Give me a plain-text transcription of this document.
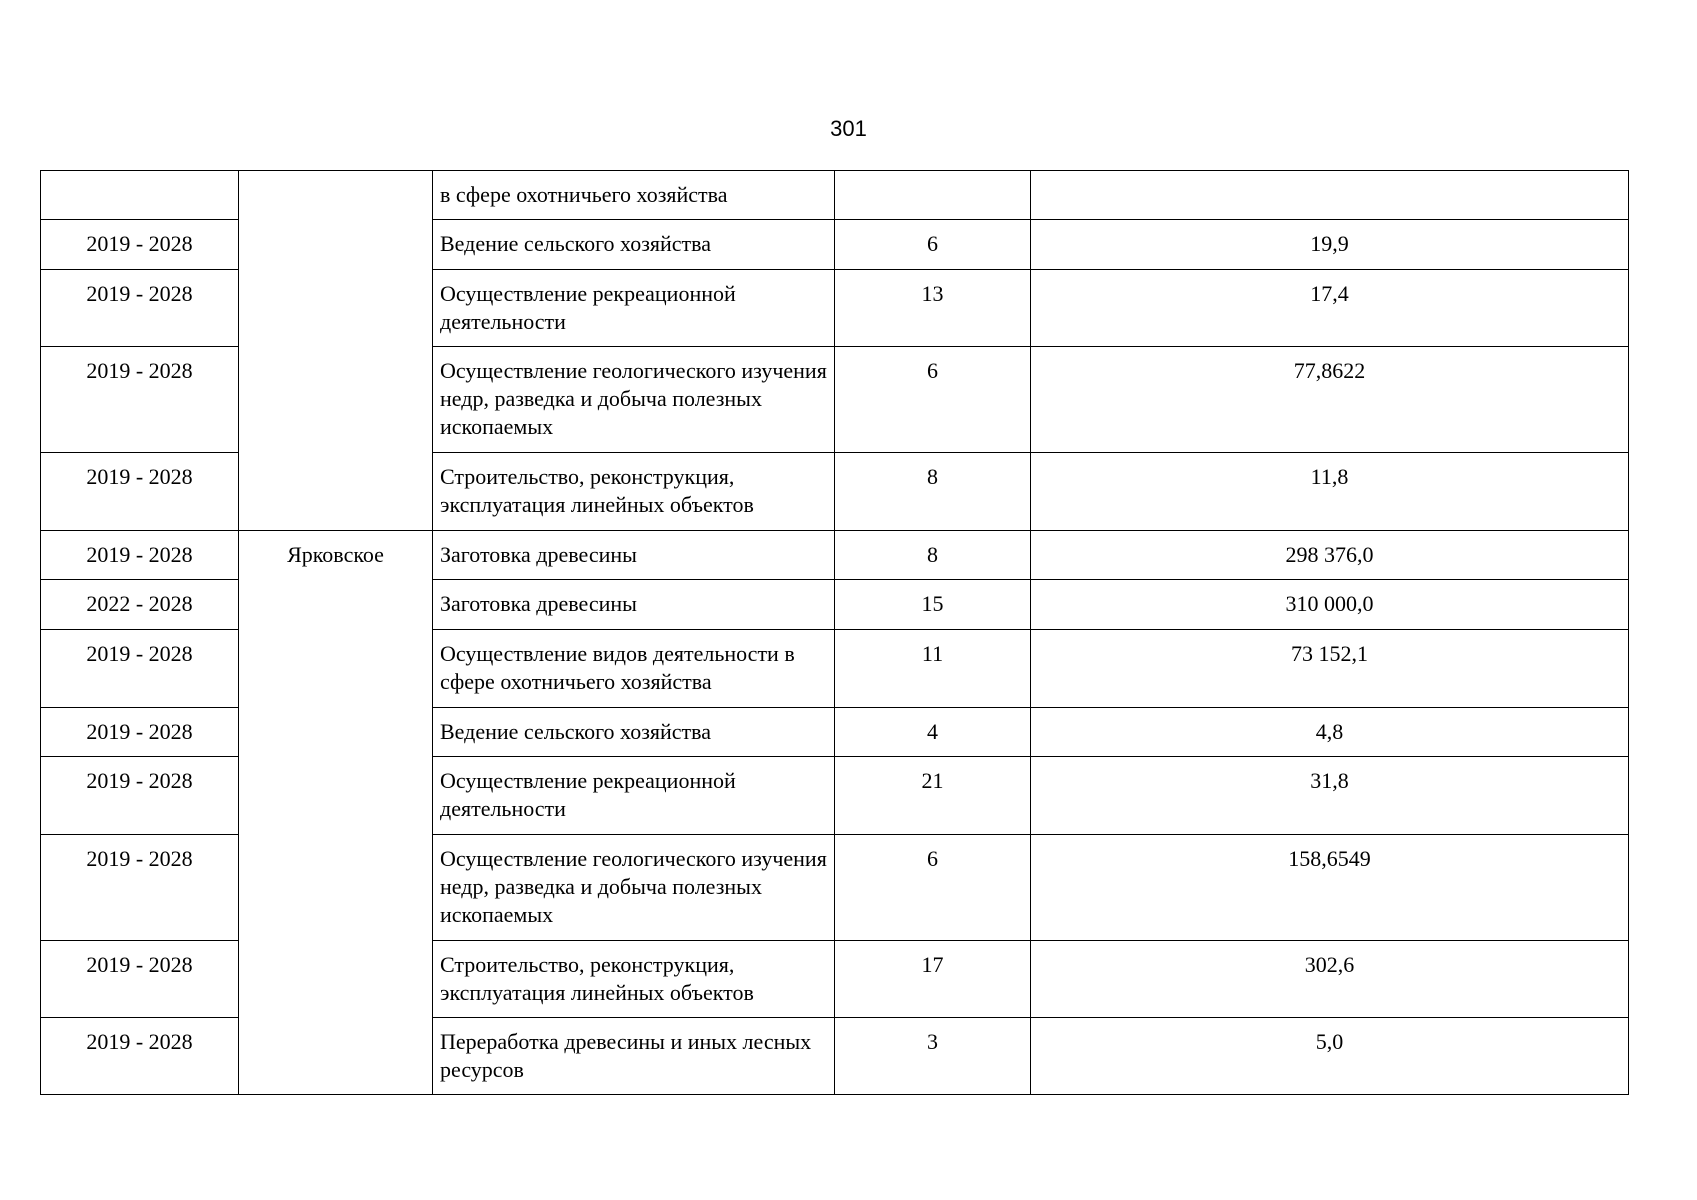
301

		в сфере охотничьего хозяйства		

2019 - 2028		Ведение сельского хозяйства	6	19,9

2019 - 2028		Осуществление рекреационной деятельности	13	17,4

2019 - 2028		Осуществление геологического изучения недр, разведка и добыча полезных ископаемых	6	77,8622

2019 - 2028		Строительство, реконструкция, эксплуатация линейных объектов	8	11,8

2019 - 2028	Ярковское	Заготовка древесины	8	298 376,0

2022 - 2028		Заготовка древесины	15	310 000,0

2019 - 2028		Осуществление видов деятельности в сфере охотничьего хозяйства	11	73 152,1

2019 - 2028		Ведение сельского хозяйства	4	4,8

2019 - 2028		Осуществление рекреационной деятельности	21	31,8

2019 - 2028		Осуществление геологического изучения недр, разведка и добыча полезных ископаемых	6	158,6549

2019 - 2028		Строительство, реконструкция, эксплуатация линейных объектов	17	302,6

2019 - 2028		Переработка древесины и иных лесных ресурсов	3	5,0
